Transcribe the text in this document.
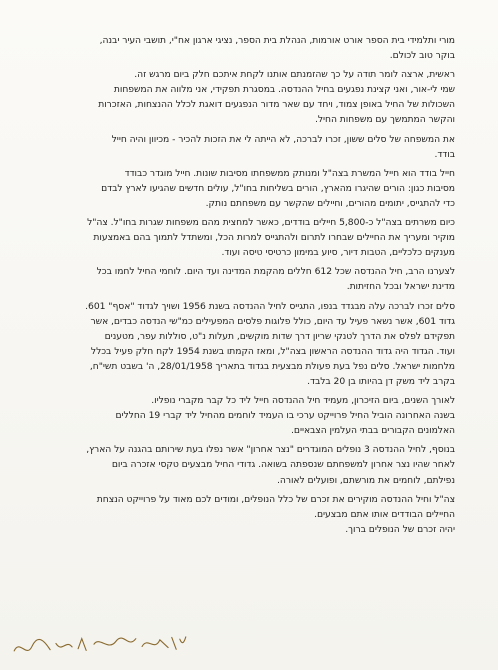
מורי ותלמידי בית הספר אורט אורמות, הנהלת בית הספר, נציגי ארגון אח"י, תושבי העיר יבנה,
בוקר טוב לכולם.
ראשית, ארצה לומר תודה על כך שהזמנתם אותנו לקחת איתכם חלק ביום מרגש זה.
שמי לי-אור, ואני קצינת נפגעים בחיל ההנדסה. במסגרת תפקידי, אני מלווה את המשפחות
השכולות של החיל באופן צמוד, ויחד עם שאר מדור הנפגעים דואגת לכלל ההנצחות, האזכרות
והקשר המתמשך עם משפחות החיל.
את המשפחה של סלים ששון, זכרו לברכה, לא הייתה לי את הזכות להכיר - מכיוון והיה חייל
בודד.
חייל בודד הוא חייל המשרת בצה"ל ומנותק ממשפחתו מסיבות שונות. חייל מוגדר כבודד
מסיבות כגון: הורים שהיגרו מהארץ, הורים בשליחות בחו"ל, עולים חדשים שהגיעו לארץ לבדם
כדי להתגייס, יתומים מהורים, וחיילים שהקשר עם משפחתם נותק.
כיום משרתים בצה"ל כ-5,800 חיילים בודדים, כאשר למחצית מהם משפחות שגרות בחו"ל. צה"ל
מוקיר ומעריך את החיילים שבחרו לתרום ולהתגייס למרות הכל, ומשתדל לתמוך בהם באמצעות
מענקים כלכליים, הטבות דיור, סיוע במימון כרטיסי טיסה ועוד.
לצערנו הרב, חיל ההנדסה שכל 612 חללים מהקמת המדינה ועד היום. לוחמי החיל לחמו בכל
מדינת ישראל ובכל החזיתות.
סלים זכרו לברכה עלה מבגדד בנפו, התגייס לחיל ההנדסה בשנת 1956 ושויך לגדוד "אסף" 601.
גדוד 601, אשר נשאר פעיל עד היום, כולל פלוגות פלסים המפעילים כמ"שי הנדסה כבדים, אשר
תפקידם לפלס את הדרך לטנקי שריון דרך שדות מוקשים, תעלות נ"ט, סוללות עפר, מטענים
ועוד. הגדוד היה גדוד ההנדסה הראשון בצה"ל, ומאז הקמתו בשנת 1954 לקח חלק פעיל בכלל
מלחמות ישראל. סלים נפל בעת פעולת מבצעית בגדוד בתאריך 28/01/1958, ה' בשבט תשי"ח,
בקרב ליד משק דן בהיותו בן 20 בלבד.
לאורך השנים, ביום הזיכרון, מעמיד חיל ההנדסה חייל ליד כל קבר מקברי נופליו.
בשנה האחרונה הוביל החיל פרוייקט ערכי בו העמיד לוחמים מהחיל ליד קברי 19 החללים
האלמונים הקבורים בבתי העלמין הצבאיים.
בנוסף, לחיל ההנדסה 3 נופלים המוגדרים "נצר אחרון" אשר נפלו בעת שירותם בהגנה על הארץ,
לאחר שהיו נצר אחרון למשפחתם שנספתה בשואה. גדודי החיל מבצעים טקסי אזכרה ביום
נפילתם, לוחמים את מורשתם, ופועלים לאורה.
צה"ל וחיל ההנדסה מוקירים את זכרם של כלל הנופלים, ומודים לכם מאוד על פרוייקט הנצחת
החיילים הבודדים אותו אתם מבצעים.
יהיה זכרם של הנופלים ברוך.
